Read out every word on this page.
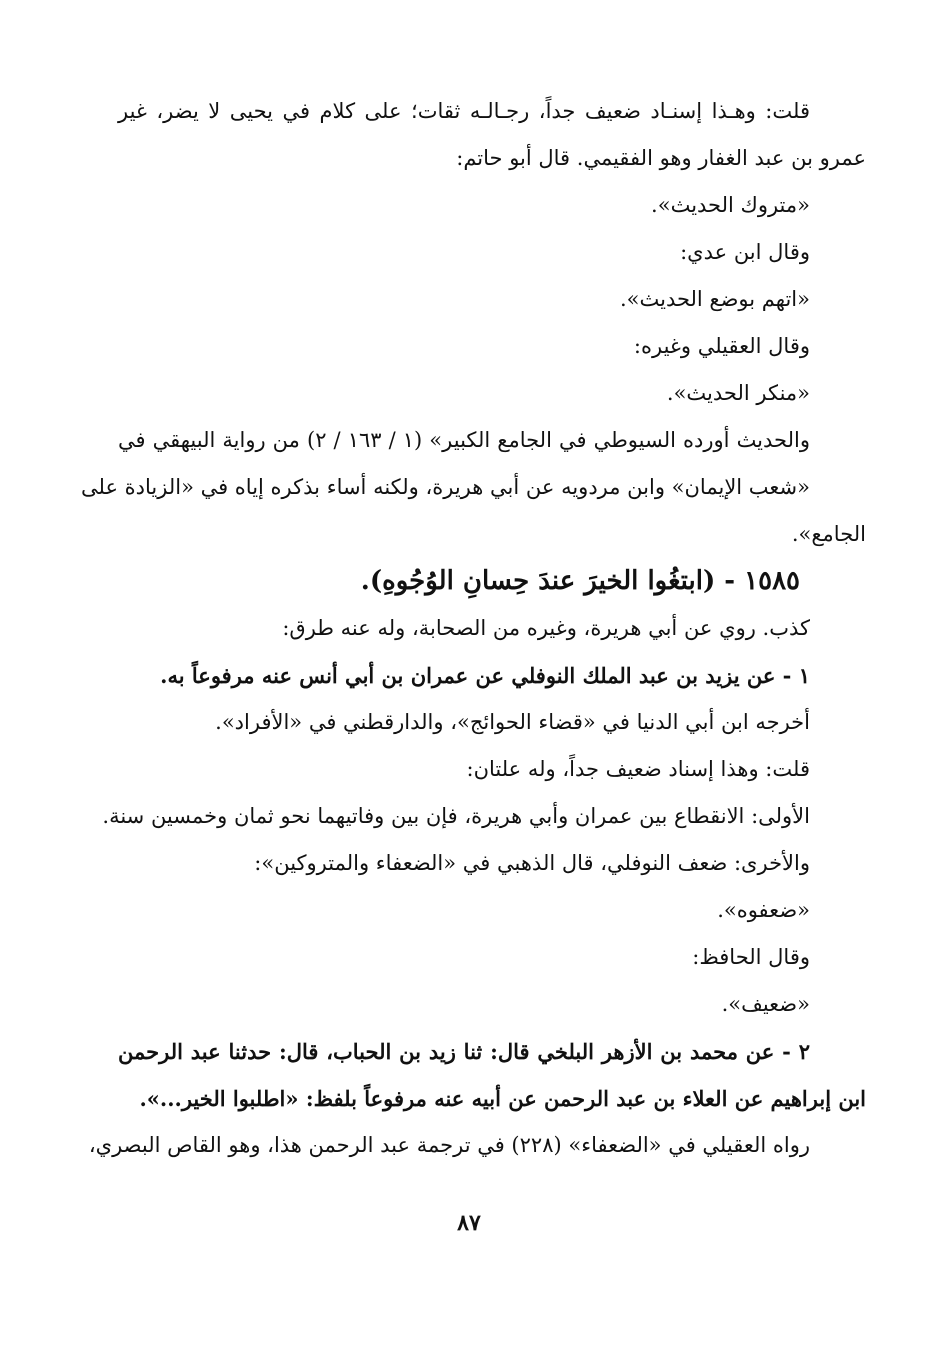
قلت: وهـذا إسنـاد ضعيف جداً، رجـالـه ثقات؛ على كلام في يحيى لا يضر، غير
عمرو بن عبد الغفار وهو الفقيمي. قال أبو حاتم:
«متروك الحديث».
وقال ابن عدي:
«اتهم بوضع الحديث».
وقال العقيلي وغيره:
«منكر الحديث».
والحديث أورده السيوطي في الجامع الكبير» (١ / ١٦٣ / ٢) من رواية البيهقي في
«شعب الإيمان» وابن مردويه عن أبي هريرة، ولكنه أساء بذكره إياه في «الزيادة على
الجامع».
١٥٨٥ - (ابتغُوا الخيرَ عندَ حِسانِ الوُجُوهِ).
كذب. روي عن أبي هريرة، وغيره من الصحابة، وله عنه طرق:
١ - عن يزيد بن عبد الملك النوفلي عن عمران بن أبي أنس عنه مرفوعاً به.
أخرجه ابن أبي الدنيا في «قضاء الحوائج»، والدارقطني في «الأفراد».
قلت: وهذا إسناد ضعيف جداً، وله علتان:
الأولى: الانقطاع بين عمران وأبي هريرة، فإن بين وفاتيهما نحو ثمان وخمسين سنة.
والأخرى: ضعف النوفلي، قال الذهبي في «الضعفاء والمتروكين»:
«ضعفوه».
وقال الحافظ:
«ضعيف».
٢ - عن محمد بن الأزهر البلخي قال: ثنا زيد بن الحباب، قال: حدثنا عبد الرحمن
ابن إبراهيم عن العلاء بن عبد الرحمن عن أبيه عنه مرفوعاً بلفظ: «اطلبوا الخير...».
رواه العقيلي في «الضعفاء» (٢٢٨) في ترجمة عبد الرحمن هذا، وهو القاص البصري،
٨٧
